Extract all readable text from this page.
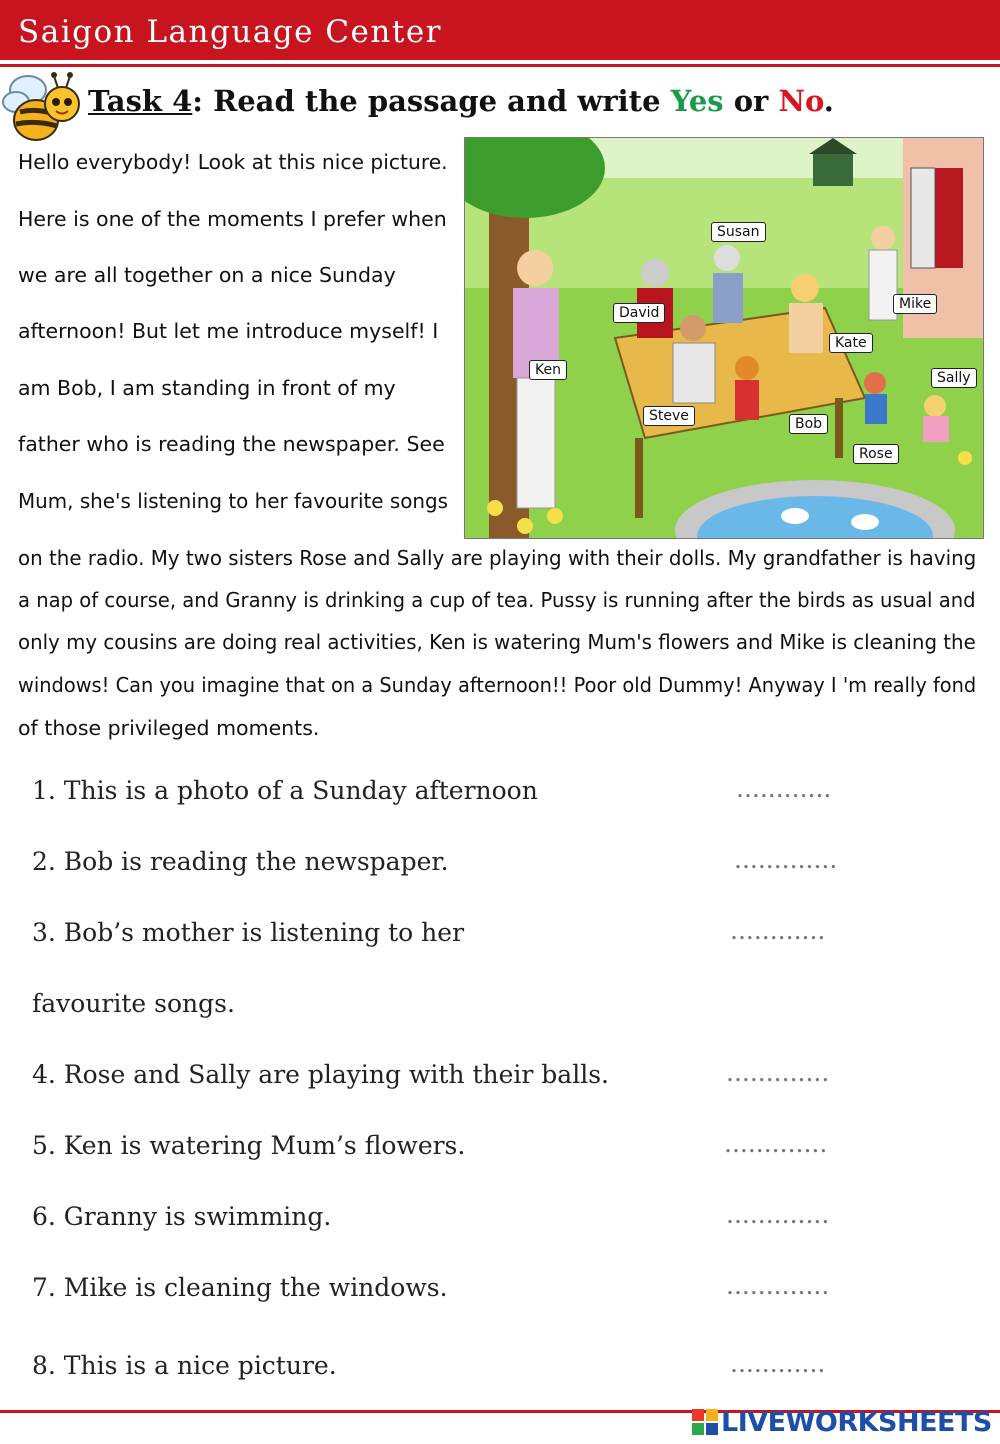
Saigon Language Center
Task 4: Read the passage and write Yes or No.
Hello everybody! Look at this nice picture.
Here is one of the moments I prefer when
we are all together on a nice Sunday
afternoon! But let me introduce myself! I
am Bob, I am standing in front of my
father who is reading the newspaper. See
Mum, she's listening to her favourite songs
on the radio. My two sisters Rose and Sally are playing with their dolls. My grandfather is having
a nap of course, and Granny is drinking a cup of tea. Pussy is running after the birds as usual and
only my cousins are doing real activities, Ken is watering Mum's flowers and Mike is cleaning the
windows! Can you imagine that on a Sunday afternoon!! Poor old Dummy! Anyway I 'm really fond
of those privileged moments.
Susan
David
Mike
Kate
Ken	Sally
Steve	Bob
Rose
1. This is a photo of a Sunday afternoon
............
2. Bob is reading the newspaper.
.............
3. Bob’s mother is listening to her
............
favourite songs.
4. Rose and Sally are playing with their balls.
.............
5. Ken is watering Mum’s flowers.
.............
6. Granny is swimming.
.............
7. Mike is cleaning the windows.
.............
8. This is a nice picture.
............
LIVEWORKSHEETS
